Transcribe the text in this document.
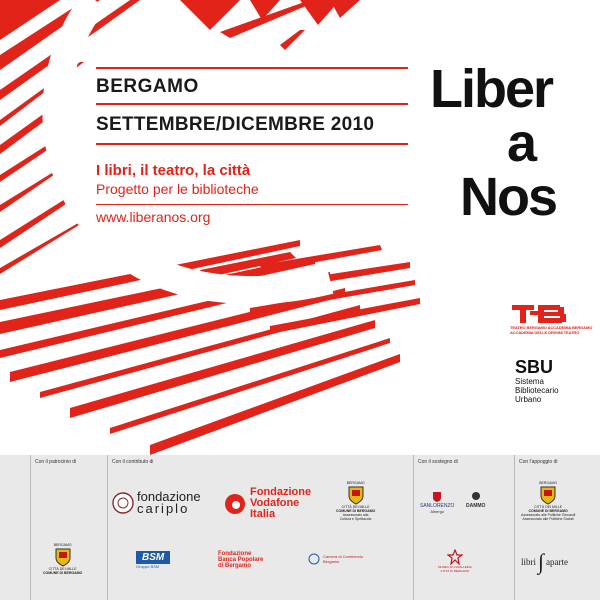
BERGAMO
SETTEMBRE/DICEMBRE 2010
I libri, il teatro, la città
Progetto per le biblioteche
www.liberanos.org
Liber
a
Nos
TEATRO BERGAMO ACCADEMIA BERGAMO
ACCADEMIA DELLE ORIGINI TEATRO
SBU
Sistema
Bibliotecario
Urbano
Con il patrocinio di
BERGAMO
CITTÀ DEI MILLE
COMUNE DI BERGAMO
Con il contributo di
fondazione
cariplo
Fondazione
Vodafone
Italia
BERGAMO
CITTÀ DEI MILLE
COMUNE DI BERGAMO
Assessorato alla
Cultura e Spettacolo
BSM
Gruppo BSM
Fondazione
Banca Popolare
di Bergamo
Camera di Commercio
Bergamo
Con il sostegno di
SANLORENZO
Albergo
DAMMO
MUSEO DI CAVALLERIA
CITTÀ DI BERGAMO
Con l'appoggio di
BERGAMO
CITTÀ DEI MILLE
COMUNE DI BERGAMO
Assessorato alle Politiche Giovanili
Assessorato alle Politiche Sociali
libri ∫ aparte
